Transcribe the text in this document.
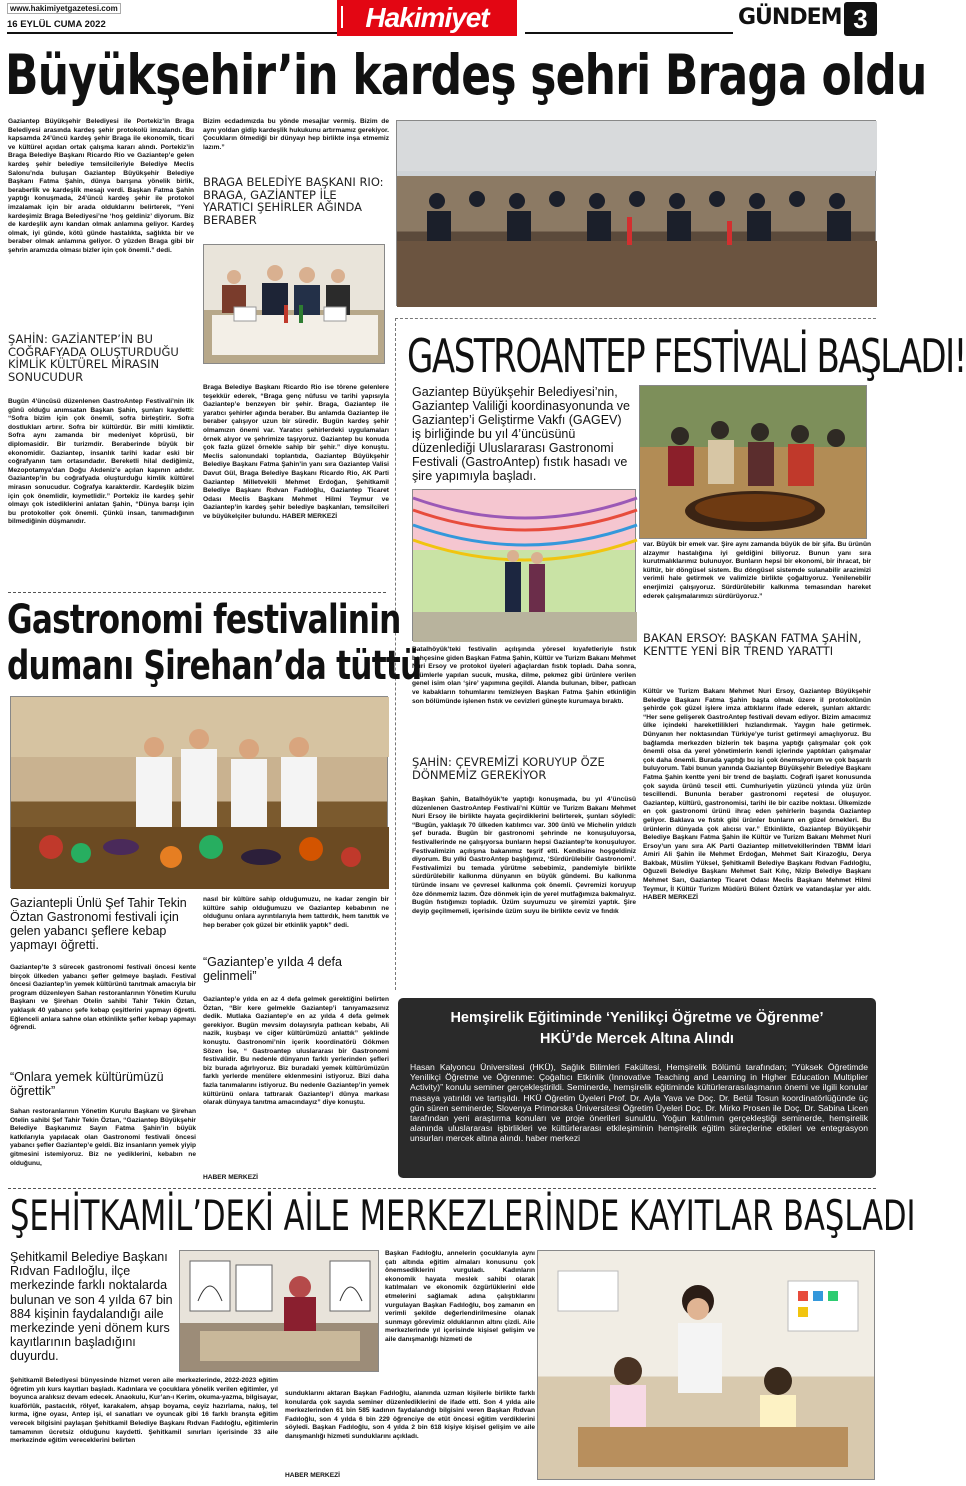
www.hakimiyetgazetesi.com
16 EYLÜL CUMA 2022	Hakimiyet	GÜNDEM 3
Büyükşehir’in kardeş şehri Braga oldu
Gaziantep Büyükşehir Belediyesi ile Portekiz’in Braga Belediyesi arasında kardeş şehir protokolü imzalandı. Bu kapsamda 24’üncü kardeş şehir Braga ile ekonomik, ticari ve kültürel açıdan ortak çalışma kararı alındı. Portekiz’in Braga Belediye Başkanı Ricardo Rio ve Gaziantep’e gelen kardeş şehir belediye temsilcileriyle Belediye Meclis Salonu’nda buluşan Gaziantep Büyükşehir Belediye Başkanı Fatma Şahin, dünya barışına yönelik birlik, beraberlik ve kardeşlik mesajı verdi. Başkan Fatma Şahin yaptığı konuşmada, 24’üncü kardeş şehir ile protokol imzalamak için bir arada olduklarını belirterek, “Yeni kardeşimiz Braga Belediyesi’ne ‘hoş geldiniz’ diyorum. Biz de kardeşlik aynı kandan olmak anlamına geliyor. Kardeş olmak, iyi günde, kötü günde hastalıkta, sağlıkta bir ve beraber olmak anlamına geliyor. O yüzden Braga gibi bir şehrin aramızda olması bizler için çok önemli.” dedi.
ŞAHİN: GAZİANTEP’İN BU COĞRAFYADA OLUŞTURDUĞU KİMLİK KÜLTÜREL MİRASIN SONUCUDUR
Bugün 4’üncüsü düzenlenen GastroAntep Festivali’nin ilk günü olduğu anımsatan Başkan Şahin, şunları kaydetti: “Sofra bizim için çok önemli, sofra birleştirir. Sofra dostlukları artırır. Sofra bir kültürdür. Bir milli kimliktir. Sofra aynı zamanda bir medeniyet köprüsü, bir diplomasidir. Bir turizmdir. Beraberinde büyük bir ekonomidir. Gaziantep, insanlık tarihi kadar eski bir coğrafyanın tam ortasındadır. Bereketli hilal dediğimiz, Mezopotamya’dan Doğu Akdeniz’e açılan kapının adıdır. Gaziantep’in bu coğrafyada oluşturduğu kimlik kültürel mirasın sonucudur. Coğrafya karakterdir. Kardeşlik bizim için çok önemlidir, kıymetlidir.” Portekiz ile kardeş şehir olmayı çok istediklerini anlatan Şahin, “Dünya barışı için bu protokoller çok önemli. Çünkü insan, tanımadığının bilmediğinin düşmanıdır.
Bizim ecdadımızda bu yönde mesajlar vermiş. Bizim de aynı yoldan gidip kardeşlik hukukunu artırmamız gerekiyor. Çocukların ölmediği bir dünyayı hep birlikte inşa etmemiz lazım.”
BRAGA BELEDİYE BAŞKANI RIO: BRAGA, GAZİANTEP İLE YARATICI ŞEHİRLER AĞINDA BERABER
Braga Belediye Başkanı Ricardo Rio ise törene gelenlere teşekkür ederek, “Braga genç nüfusu ve tarihi yapısıyla Gaziantep’e benzeyen bir şehir. Braga, Gaziantep ile yaratıcı şehirler ağında beraber. Bu anlamda Gaziantep ile beraber çalışıyor uzun bir süredir. Bugün kardeş şehir olmamızın önemi var. Yaratıcı şehirlerdeki uygulamaları örnek alıyor ve şehrimize taşıyoruz. Gaziantep bu konuda çok fazla güzel örnekle sahip bir şehir.” diye konuştu. Meclis salonundaki toplantıda, Gaziantep Büyükşehir Belediye Başkanı Fatma Şahin’in yanı sıra Gaziantep Valisi Davut Gül, Braga Belediye Başkanı Ricardo Rio, AK Parti Gaziantep Milletvekili Mehmet Erdoğan, Şehitkamil Belediye Başkanı Rıdvan Fadıloğlu, Gaziantep Ticaret Odası Meclis Başkanı Mehmet Hilmi Teymur ve Gaziantep’in kardeş şehir belediye başkanları, temsilcileri ve büyükelçiler bulundu. HABER MERKEZİ
GASTROANTEP FESTİVALİ BAŞLADI!
Gaziantep Büyükşehir Belediyesi’nin, Gaziantep Valiliği koordinasyonunda ve Gaziantep’i Geliştirme Vakfı (GAGEV) iş birliğinde bu yıl 4’üncüsünü düzenlediği Uluslararası Gastronomi Festivali (GastroAntep) fıstık hasadı ve şire yapımıyla başladı.
var. Büyük bir emek var. Şire aynı zamanda büyük de bir şifa. Bu ürünün alzaymır hastalığına iyi geldiğini biliyoruz. Bunun yanı sıra kurutmalıklarımız bulunuyor. Bunların hepsi bir ekonomi, bir ihracat, bir kültür, bir döngüsel sistem. Bu döngüsel sistemde sulanabilir arazimizi verimli hale getirmek ve valimizle birlikte çoğaltıyoruz. Yenilenebilir enerjimizi çalışıyoruz. Sürdürülebilir kalkınma temasından hareket ederek çalışmalarımızı sürdürüyoruz.”
BAKAN ERSOY: BAŞKAN FATMA ŞAHİN, KENTTE YENİ BİR TREND YARATTI
Kültür ve Turizm Bakanı Mehmet Nuri Ersoy, Gaziantep Büyükşehir Belediye Başkanı Fatma Şahin başta olmak üzere il protokolünün şehirde çok güzel işlere imza attıklarını ifade ederek, şunları aktardı: “Her sene gelişerek GastroAntep festivali devam ediyor. Bizim amacımız ülke içindeki hareketlilikleri hızlandırmak. Yaygın hale getirmek. Dünyanın her noktasından Türkiye’ye turist getirmeyi amaçlıyoruz. Bu bağlamda merkezden bizlerin tek başına yaptığı çalışmalar çok çok önemli olsa da yerel yönetimlerin kendi içlerinde yaptıkları çalışmalar çok daha önemli. Burada yaptığı bu işi çok önemsiyorum ve çok başarılı buluyorum. Tabi bunun yanında Gaziantep Büyükşehir Belediye Başkanı Fatma Şahin kentte yeni bir trend de başlattı. Coğrafi işaret konusunda çok sayıda ürünü tescil etti. Cumhuriyetin yüzüncü yılında yüz ürün tescillendi. Bununla beraber gastronomi reçetesi de oluşuyor. Gaziantep, kültürü, gastronomisi, tarihi ile bir cazibe noktası. Ülkemizde en çok gastronomi ürünü ihraç eden şehirlerin başında Gaziantep geliyor. Baklava ve fıstık gibi ürünler bunların en güzel örnekleri. Bu ürünlerin dünyada çok alıcısı var.” Etkinlikte, Gaziantep Büyükşehir Belediye Başkanı Fatma Şahin ile Kültür ve Turizm Bakanı Mehmet Nuri Ersoy’un yanı sıra AK Parti Gaziantep milletvekillerinden TBMM İdari Amiri Ali Şahin ile Mehmet Erdoğan, Mehmet Sait Kirazoğlu, Derya Bakbak, Müslim Yüksel, Şehitkamil Belediye Başkanı Rıdvan Fadıloğlu, Oğuzeli Belediye Başkanı Mehmet Sait Kılıç, Nizip Belediye Başkanı Mehmet Sarı, Gaziantep Ticaret Odası Meclis Başkanı Mehmet Hilmi Teymur, İl Kültür Turizm Müdürü Bülent Öztürk ve vatandaşlar yer aldı. HABER MERKEZİ
Batalhöyük’teki festivalin açılışında yöresel kıyafetleriyle fıstık bahçesine giden Başkan Fatma Şahin, Kültür ve Turizm Bakanı Mehmet Nuri Ersoy ve protokol üyeleri ağaçlardan fıstık topladı. Daha sonra, üzümlerle yapılan sucuk, muska, dilme, pekmez gibi ürünlere verilen genel isim olan ‘şire’ yapımına geçildi. Alanda bulunan, biber, patlıcan ve kabakların tohumlarını temizleyen Başkan Fatma Şahin etkinliğin son bölümünde işlenen fıstık ve cevizleri güneşte kurumaya bıraktı.
ŞAHİN: ÇEVREMİZİ KORUYUP ÖZE DÖNMEMİZ GEREKİYOR
Başkan Şahin, Batalhöyük’te yaptığı konuşmada, bu yıl 4’üncüsü düzenlenen GastroAntep Festivali’ni Kültür ve Turizm Bakanı Mehmet Nuri Ersoy ile birlikte hayata geçirdiklerini belirterek, şunları söyledi: “Bugün, yaklaşık 70 ülkeden katılımcı var. 300 ünlü ve Michelin yıldızlı şef burada. Bugün bir gastronomi şehrinde ne konuşuluyorsa, festivallerinde ne çalışıyorsa bunların hepsi Gaziantep’te konuşuluyor. Festivalimizin açılışına bakanımız teşrif etti. Kendisine hoşgeldiniz diyorum. Bu yılki GastroAntep başlığımız, ‘Sürdürülebilir Gastronomi’. Festivalimizi bu temada yürütme sebebimiz, pandemiyle birlikte sürdürülebilir kalkınma dünyanın en büyük gündemi. Bu kalkınma türünde insanı ve çevresel kalkınma çok önemli. Çevremizi koruyup öze dönmemiz lazım. Öze dönmek için de yerel mutfağımıza bakmalıyız. Bugün fıstığımızı topladık. Üzüm suyumuzu ve şiremizi yaptık. Şire deyip geçilmemeli, içerisinde üzüm suyu ile birlikte ceviz ve fındık
Gastronomi festivalinin
dumanı Şirehan’da tüttü
Gaziantepli Ünlü Şef Tahir Tekin Öztan Gastronomi festivali için gelen yabancı şeflere kebap yapmayı öğretti.
nasıl bir kültüre sahip olduğumuzu, ne kadar zengin bir kültüre sahip olduğumuzu ve Gaziantep kebabının ne olduğunu onlara ayrıntılarıyla hem tattırdık, hem tanıttık ve hep beraber çok güzel bir etkinlik yaptık” dedi.
Gaziantep’te 3 sürecek gastronomi festivali öncesi kente birçok ülkeden yabancı şefler gelmeye başladı. Festival öncesi Gaziantep’in yemek kültürünü tanıtmak amacıyla bir program düzenleyen Sahan restoranlarının Yönetim Kurulu Başkanı ve Şirehan Otelin sahibi Tahir Tekin Öztan, yaklaşık 40 yabancı şefe kebap çeşitlerini yapmayı öğretti. Eğlenceli anlara sahne olan etkinlikte şefler kebap yapmayı öğrendi.
“Onlara yemek kültürümüzü öğrettik”
Sahan restoranlarının Yönetim Kurulu Başkanı ve Şirehan Otelin sahibi Şef Tahir Tekin Öztan, “Gaziantep Büyükşehir Belediye Başkanımız Sayın Fatma Şahin’in büyük katkılarıyla yapılacak olan Gastronomi festivali öncesi yabancı şefler Gaziantep’e geldi. Biz insanların yemek yiyip gitmesini istemiyoruz. Biz ne yediklerini, kebabın ne olduğunu,
“Gaziantep’e yılda 4 defa gelinmeli”
Gaziantep’e yılda en az 4 defa gelmek gerektiğini belirten Öztan, “Bir kere gelmekle Gaziantep’i tanıyamazsınız dedik. Mutlaka Gaziantep’e en az yılda 4 defa gelmek gerekiyor. Bugün mevsim dolayısıyla patlıcan kebabı, Ali nazik, kuşbaşı ve ciğer kültürümüzü anlattık” şeklinde konuştu. Gastronomi’nin içerik koordinatörü Gökmen Sözen İse, “ Gastroantep uluslararası bir Gastronomi festivalidir. Bu nedenle dünyanın farklı yerlerinden şefleri biz burada ağırlıyoruz. Biz buradaki yemek kültürümüzün farklı yerlerde menülere eklenmesini istiyoruz. Bizi daha fazla tanımalarını istiyoruz. Bu nedenle Gaziantep’in yemek kültürünü onlara tattırarak Gaziantep’i dünya markası olarak dünyaya tanıtma amacındayız” diye konuştu.
HABER MERKEZİ
Hemşirelik Eğitiminde ‘Yenilikçi Öğretme ve Öğrenme’
HKÜ’de Mercek Altına Alındı
Hasan Kalyoncu Üniversitesi (HKÜ), Sağlık Bilimleri Fakültesi, Hemşirelik Bölümü tarafından; “Yüksek Öğretimde Yenilikçi Öğretme ve Öğrenme: Çoğaltıcı Etkinlik (Innovative Teaching and Learning in Higher Education Multiplier Activity)” konulu seminer gerçekleştirildi. Seminerde, hemşirelik eğitiminde kültürlerarasılaşmanın önemi ve ilgili konular masaya yatırıldı ve tartışıldı. HKÜ Öğretim Üyeleri Prof. Dr. Ayla Yava ve Doç. Dr. Betül Tosun koordinatörlüğünde üç gün süren seminerde; Slovenya Primorska Üniversitesi Öğretim Üyeleri Doç. Dr. Mirko Prosen ile Doç. Dr. Sabina Licen tarafından yeni araştırma konuları ve proje önerileri sunuldu. Yoğun katılımın gerçekleştiği seminerde, hemşirelik alanında uluslararası işbirlikleri ve kültürlerarası etkileşiminin hemşirelik eğitim süreçlerine etkileri ve entegrasyon unsurları mercek altına alındı. haber merkezi
ŞEHİTKAMİL’DEKİ AİLE MERKEZLERİNDE KAYITLAR BAŞLADI
Şehitkamil Belediye Başkanı Rıdvan Fadıloğlu, ilçe merkezinde farklı noktalarda bulunan ve son 4 yılda 67 bin 884 kişinin faydalandığı aile merkezinde yeni dönem kurs kayıtlarının başladığını duyurdu.
Şehitkamil Belediyesi bünyesinde hizmet veren aile merkezlerinde, 2022-2023 eğitim öğretim yılı kurs kayıtları başladı. Kadınlara ve çocuklara yönelik verilen eğitimler, yıl boyunca aralıksız devam edecek. Anaokulu, Kur’an-ı Kerim, okuma-yazma, bilgisayar, kuaförlük, pastacılık, rölyef, karakalem, ahşap boyama, ceyiz hazırlama, nakış, tel kırma, iğne oyası, Antep işi, el sanatları ve oyuncak gibi 16 farklı branşta eğitim verecek bilgisini paylaşan Şehitkamil Belediye Başkanı Rıdvan Fadıloğlu, eğitimlerin tamamının ücretsiz olduğunu kaydetti. Şehitkamil sınırları içerisinde 33 aile merkezinde eğitim vereceklerini belirten
Başkan Fadıloğlu, annelerin çocuklarıyla aynı çatı altında eğitim almaları konusunu çok önemsediklerini vurguladı. Kadınların ekonomik hayata meslek sahibi olarak katılmaları ve ekonomik özgürlüklerini elde etmelerini sağlamak adına çalıştıklarını vurgulayan Başkan Fadıloğlu, boş zamanın en verimli şekilde değerlendirilmesine olanak sunmayı görevimiz olduklarının altını çizdi. Aile merkezlerinde yıl içerisinde kişisel gelişim ve aile danışmanlığı hizmeti de
sunduklarını aktaran Başkan Fadıloğlu, alanında uzman kişilerle birlikte farklı konularda çok sayıda seminer düzenlediklerini de ifade etti. Son 4 yılda aile merkezlerinden 61 bin 585 kadının faydalandığı bilgisini veren Başkan Rıdvan Fadıloğlu, son 4 yılda 6 bin 229 öğrenciye de etüt öncesi eğitim verdiklerini söyledi. Başkan Fadıloğlu, son 4 yılda 2 bin 618 kişiye kişisel gelişim ve aile danışmanlığı hizmeti sunduklarını açıkladı.
HABER MERKEZİ
